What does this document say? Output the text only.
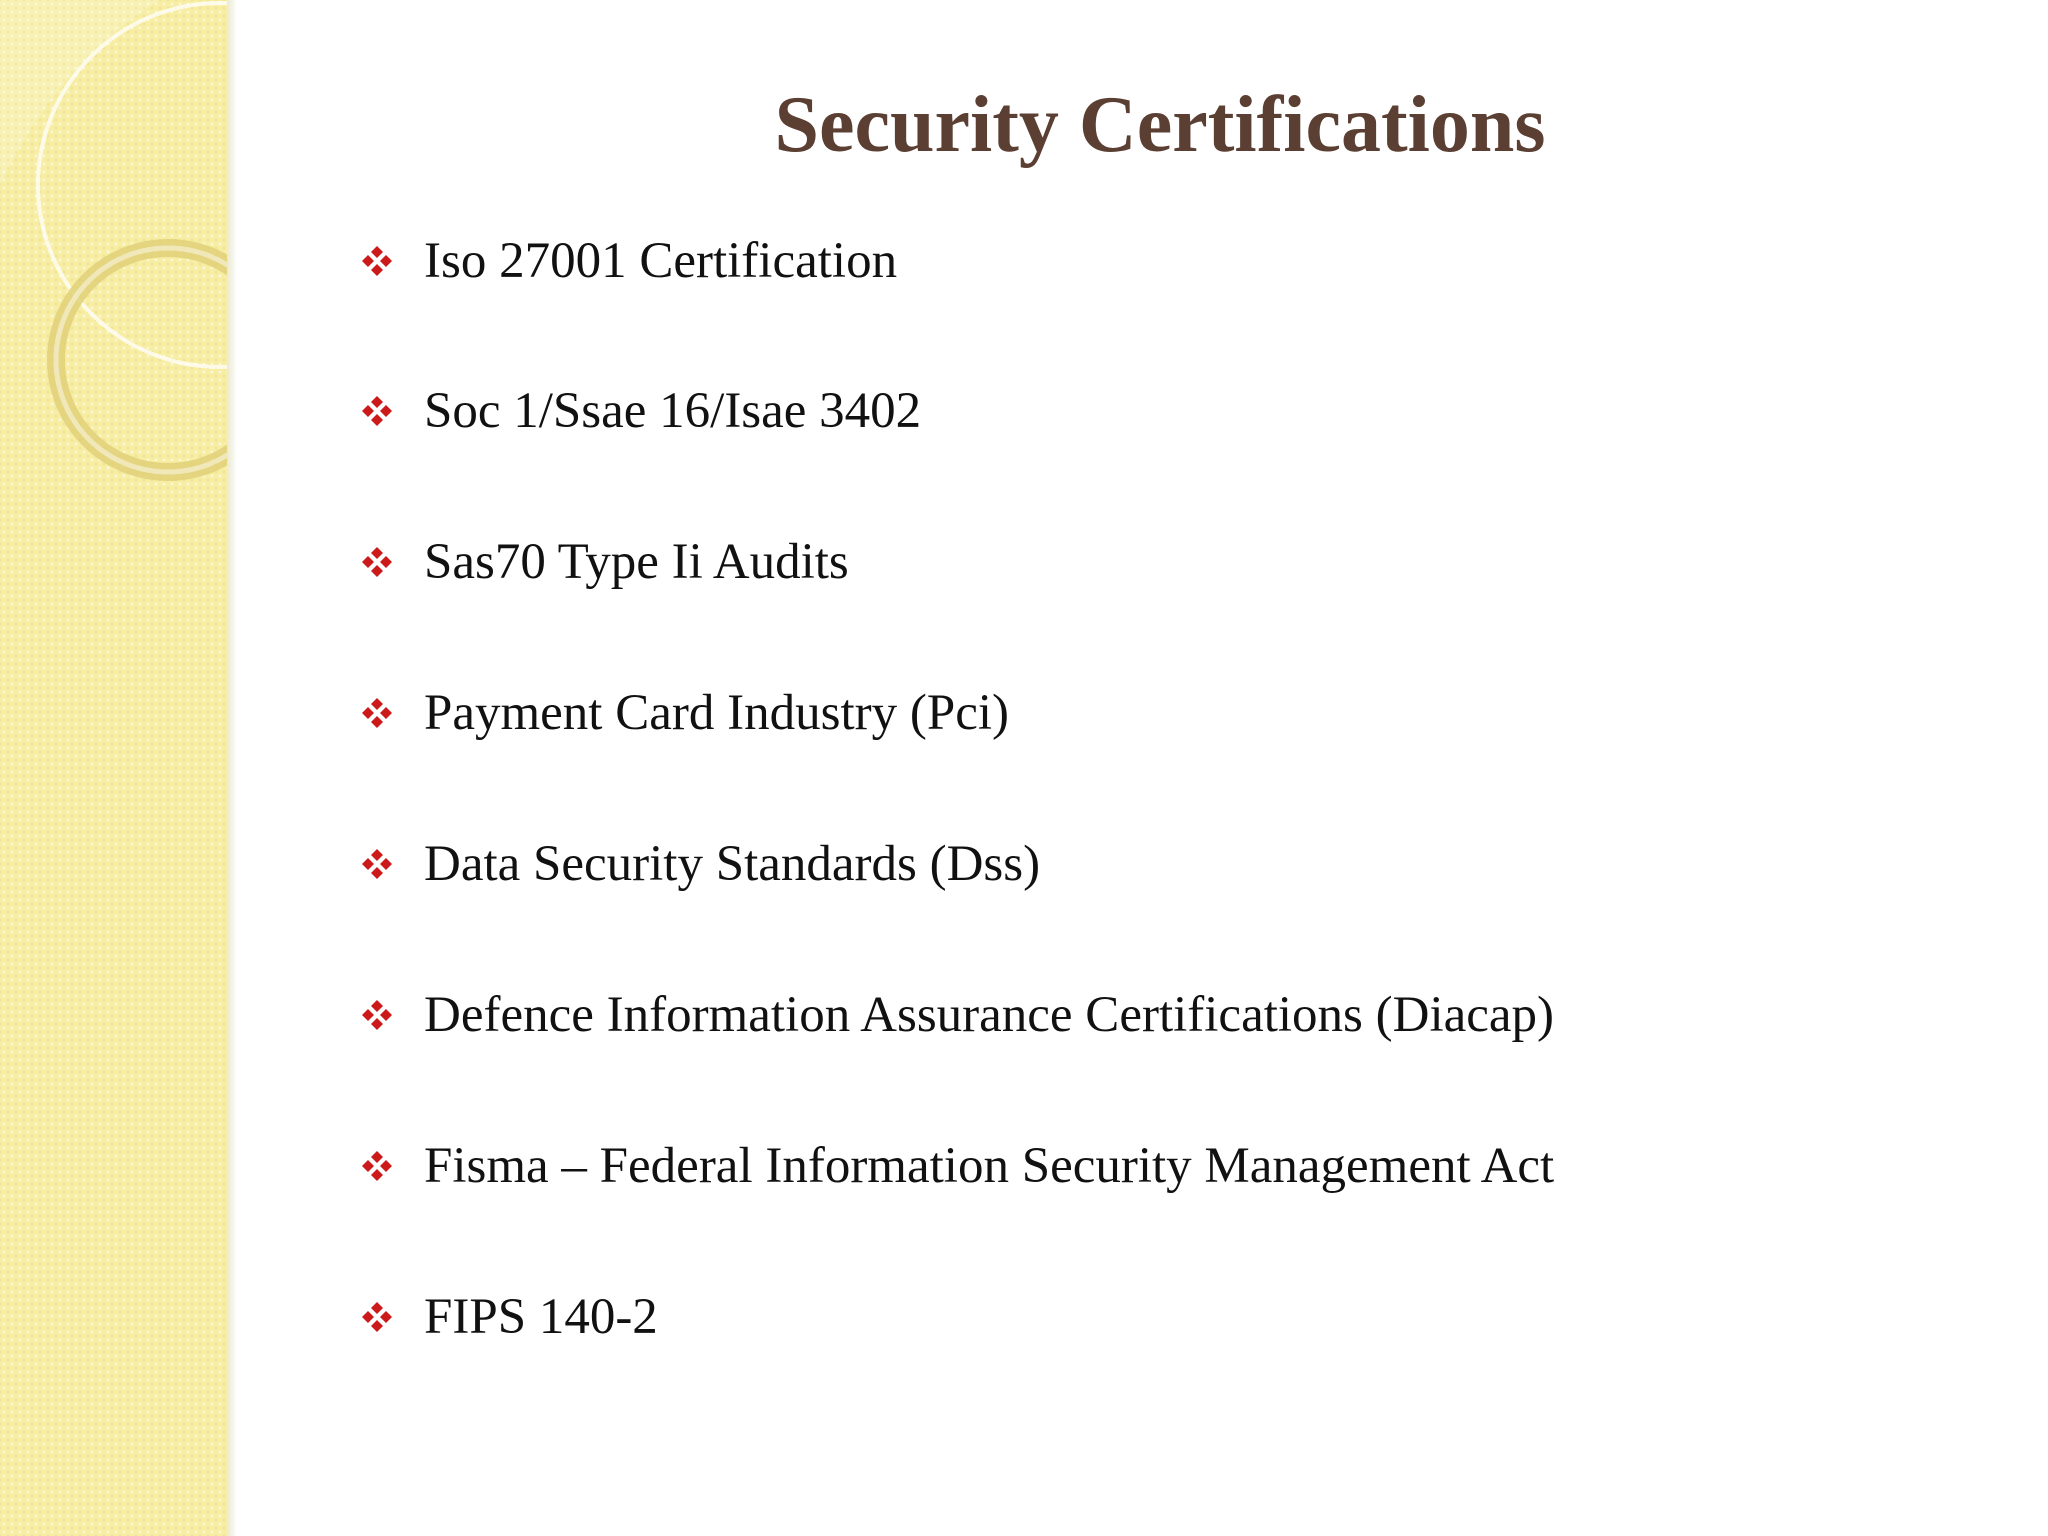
Security Certifications
Iso 27001 Certification
Soc 1/Ssae 16/Isae 3402
Sas70 Type Ii Audits
Payment Card Industry (Pci)
Data Security Standards (Dss)
Defence Information Assurance Certifications (Diacap)
Fisma – Federal Information Security Management Act
FIPS 140-2
